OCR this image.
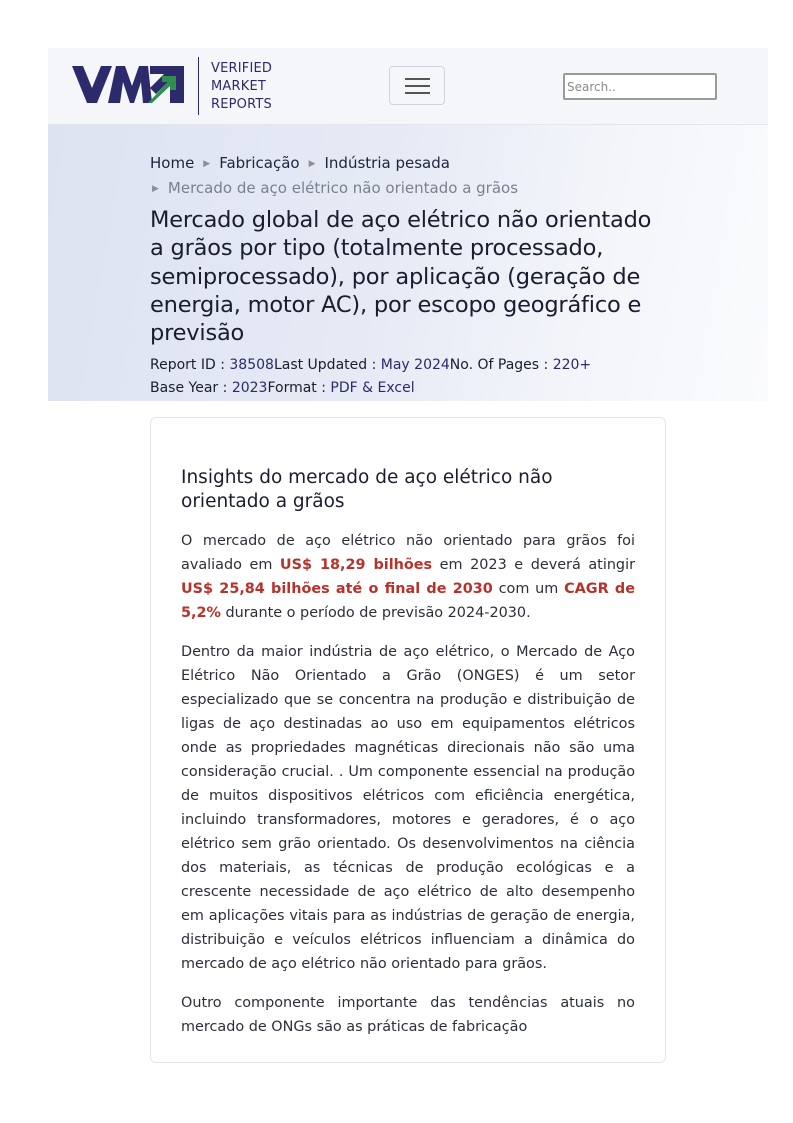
VERIFIED
MARKET
REPORTS
Search..
Home ▶ Fabricação ▶ Indústria pesada
▶ Mercado de aço elétrico não orientado a grãos
Mercado global de aço elétrico não orientado a grãos por tipo (totalmente processado, semiprocessado), por aplicação (geração de energia, motor AC), por escopo geográfico e previsão
Report ID : 38508Last Updated : May 2024No. Of Pages : 220+
Base Year : 2023Format : PDF & Excel
Insights do mercado de aço elétrico não orientado a grãos

O mercado de aço elétrico não orientado para grãos foi avaliado em US$ 18,29 bilhões em 2023 e deverá atingir US$ 25,84 bilhões até o final de 2030 com um CAGR de 5,2% durante o período de previsão 2024-2030.

Dentro da maior indústria de aço elétrico, o Mercado de Aço Elétrico Não Orientado a Grão (ONGES) é um setor especializado que se concentra na produção e distribuição de ligas de aço destinadas ao uso em equipamentos elétricos onde as propriedades magnéticas direcionais não são uma consideração crucial. . Um componente essencial na produção de muitos dispositivos elétricos com eficiência energética, incluindo transformadores, motores e geradores, é o aço elétrico sem grão orientado. Os desenvolvimentos na ciência dos materiais, as técnicas de produção ecológicas e a crescente necessidade de aço elétrico de alto desempenho em aplicações vitais para as indústrias de geração de energia, distribuição e veículos elétricos influenciam a dinâmica do mercado de aço elétrico não orientado para grãos.

Outro componente importante das tendências atuais no mercado de ONGs são as práticas de fabricação
